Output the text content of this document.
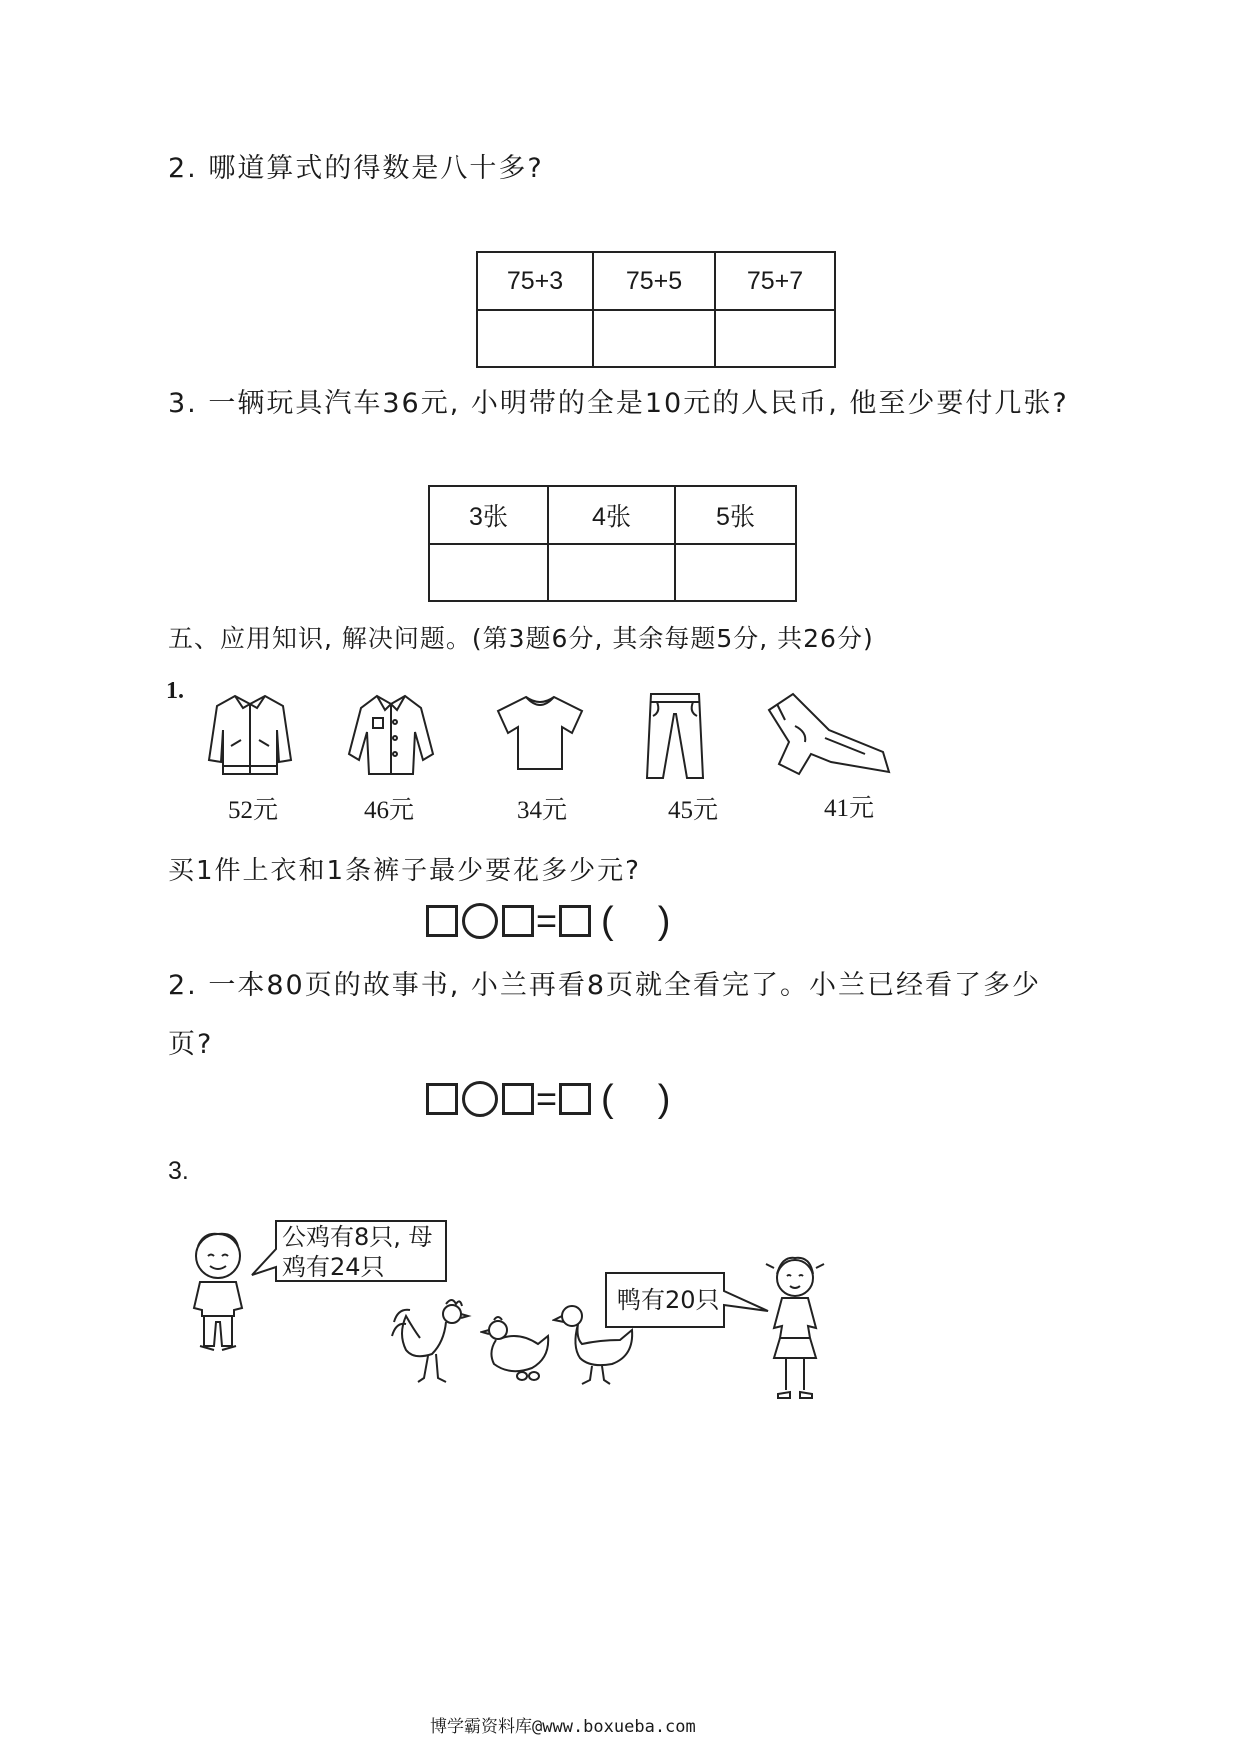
2. 哪道算式的得数是八十多?
75+3	75+5	75+7

3. 一辆玩具汽车36元, 小明带的全是10元的人民币, 他至少要付几张?
3张	4张	5张

五、应用知识, 解决问题。(第3题6分, 其余每题5分, 共26分)
1.
52元	46元	34元	45元	41元
买1件上衣和1条裤子最少要花多少元?
= ( )
2. 一本80页的故事书, 小兰再看8页就全看完了。小兰已经看了多少
页?
= ( )
3.
公鸡有8只, 母
鸡有24只
鸭有20只
博学霸资料库@www.boxueba.com
